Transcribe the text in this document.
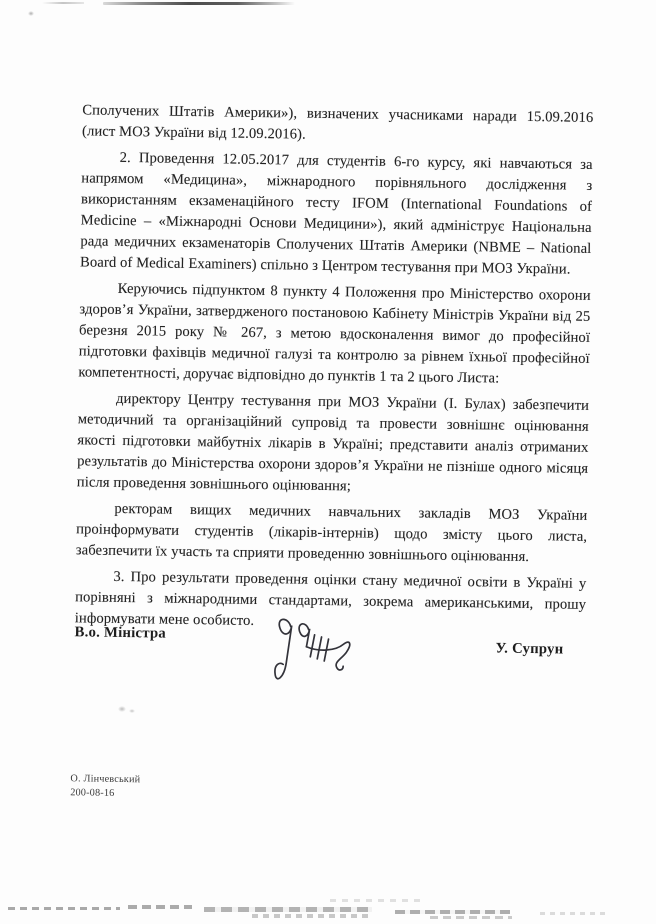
Сполучених Штатів Америки»), визначених учасниками наради 15.09.2016 (лист МОЗ України від 12.09.2016).

2. Проведення 12.05.2017 для студентів 6-го курсу, які навчаються за напрямом «Медицина», міжнародного порівняльного дослідження з використанням екзаменаційного тесту IFOM (International Foundations of Medicine – «Міжнародні Основи Медицини»), який адмініструє Національна рада медичних екзаменаторів Сполучених Штатів Америки (NBME – National Board of Medical Examiners) спільно з Центром тестування при МОЗ України.

Керуючись підпунктом 8 пункту 4 Положення про Міністерство охорони здоров’я України, затвердженого постановою Кабінету Міністрів України від 25 березня 2015 року № 267, з метою вдосконалення вимог до професійної підготовки фахівців медичної галузі та контролю за рівнем їхньої професійної компетентності, доручає відповідно до пунктів 1 та 2 цього Листа:

директору Центру тестування при МОЗ України (І. Булах) забезпечити методичний та організаційний супровід та провести зовнішнє оцінювання якості підготовки майбутніх лікарів в Україні; представити аналіз отриманих результатів до Міністерства охорони здоров’я України не пізніше одного місяця після проведення зовнішнього оцінювання;

ректорам вищих медичних навчальних закладів МОЗ України проінформувати студентів (лікарів-інтернів) щодо змісту цього листа, забезпечити їх участь та сприяти проведенню зовнішнього оцінювання.

3. Про результати проведення оцінки стану медичної освіти в Україні у порівняні з міжнародними стандартами, зокрема американськими, прошу інформувати мене особисто.

В.о. Міністра
У. Супрун
О. Лінчевський
200-08-16
